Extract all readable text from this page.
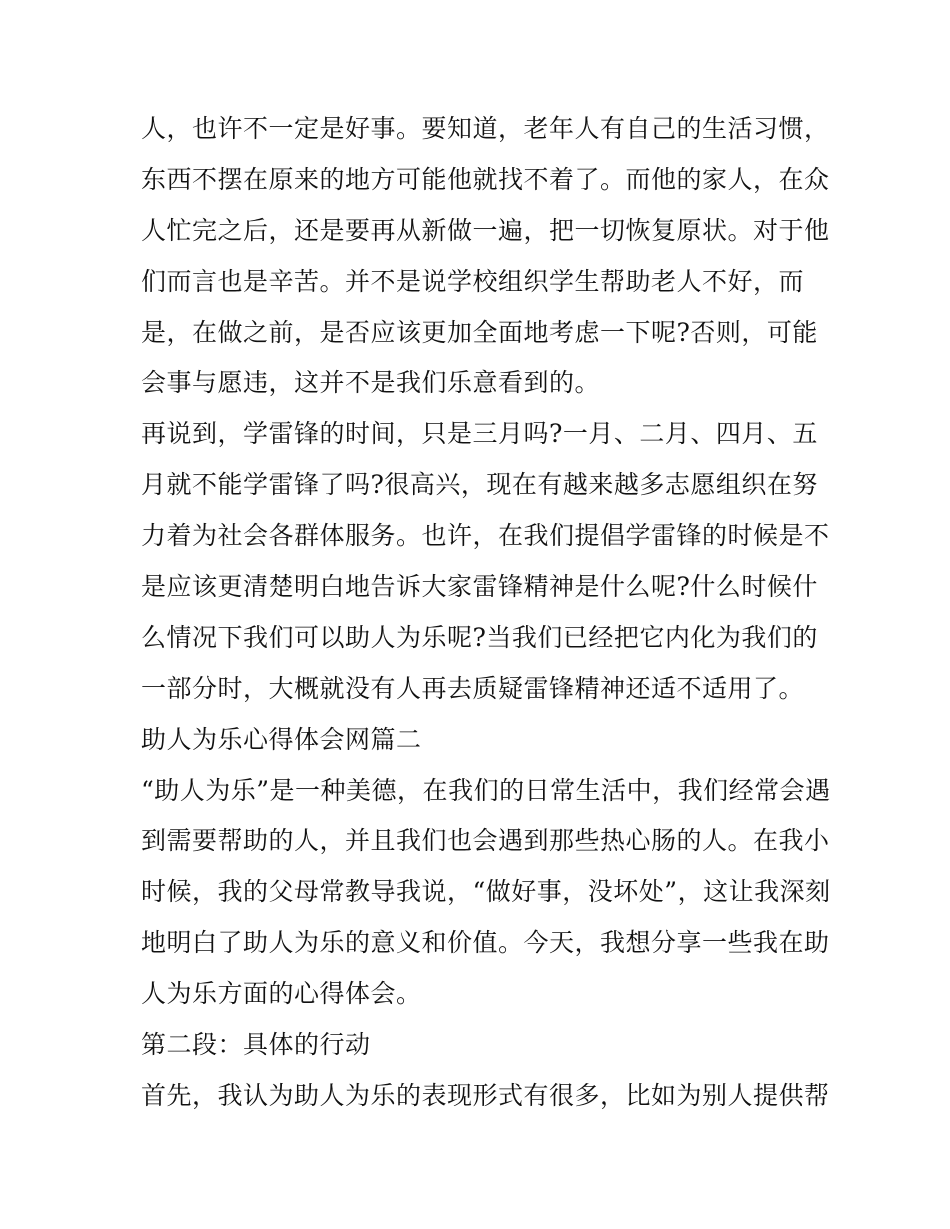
人，也许不一定是好事。要知道，老年人有自己的生活习惯，
东西不摆在原来的地方可能他就找不着了。而他的家人，在众
人忙完之后，还是要再从新做一遍，把一切恢复原状。对于他
们而言也是辛苦。并不是说学校组织学生帮助老人不好，而
是，在做之前，是否应该更加全面地考虑一下呢?否则，可能
会事与愿违，这并不是我们乐意看到的。
再说到，学雷锋的时间，只是三月吗?一月、二月、四月、五
月就不能学雷锋了吗?很高兴，现在有越来越多志愿组织在努
力着为社会各群体服务。也许，在我们提倡学雷锋的时候是不
是应该更清楚明白地告诉大家雷锋精神是什么呢?什么时候什
么情况下我们可以助人为乐呢?当我们已经把它内化为我们的
一部分时，大概就没有人再去质疑雷锋精神还适不适用了。
助人为乐心得体会网篇二
“助人为乐”是一种美德，在我们的日常生活中，我们经常会遇
到需要帮助的人，并且我们也会遇到那些热心肠的人。在我小
时候，我的父母常教导我说，“做好事，没坏处”，这让我深刻
地明白了助人为乐的意义和价值。今天，我想分享一些我在助
人为乐方面的心得体会。
第二段：具体的行动
首先，我认为助人为乐的表现形式有很多，比如为别人提供帮
